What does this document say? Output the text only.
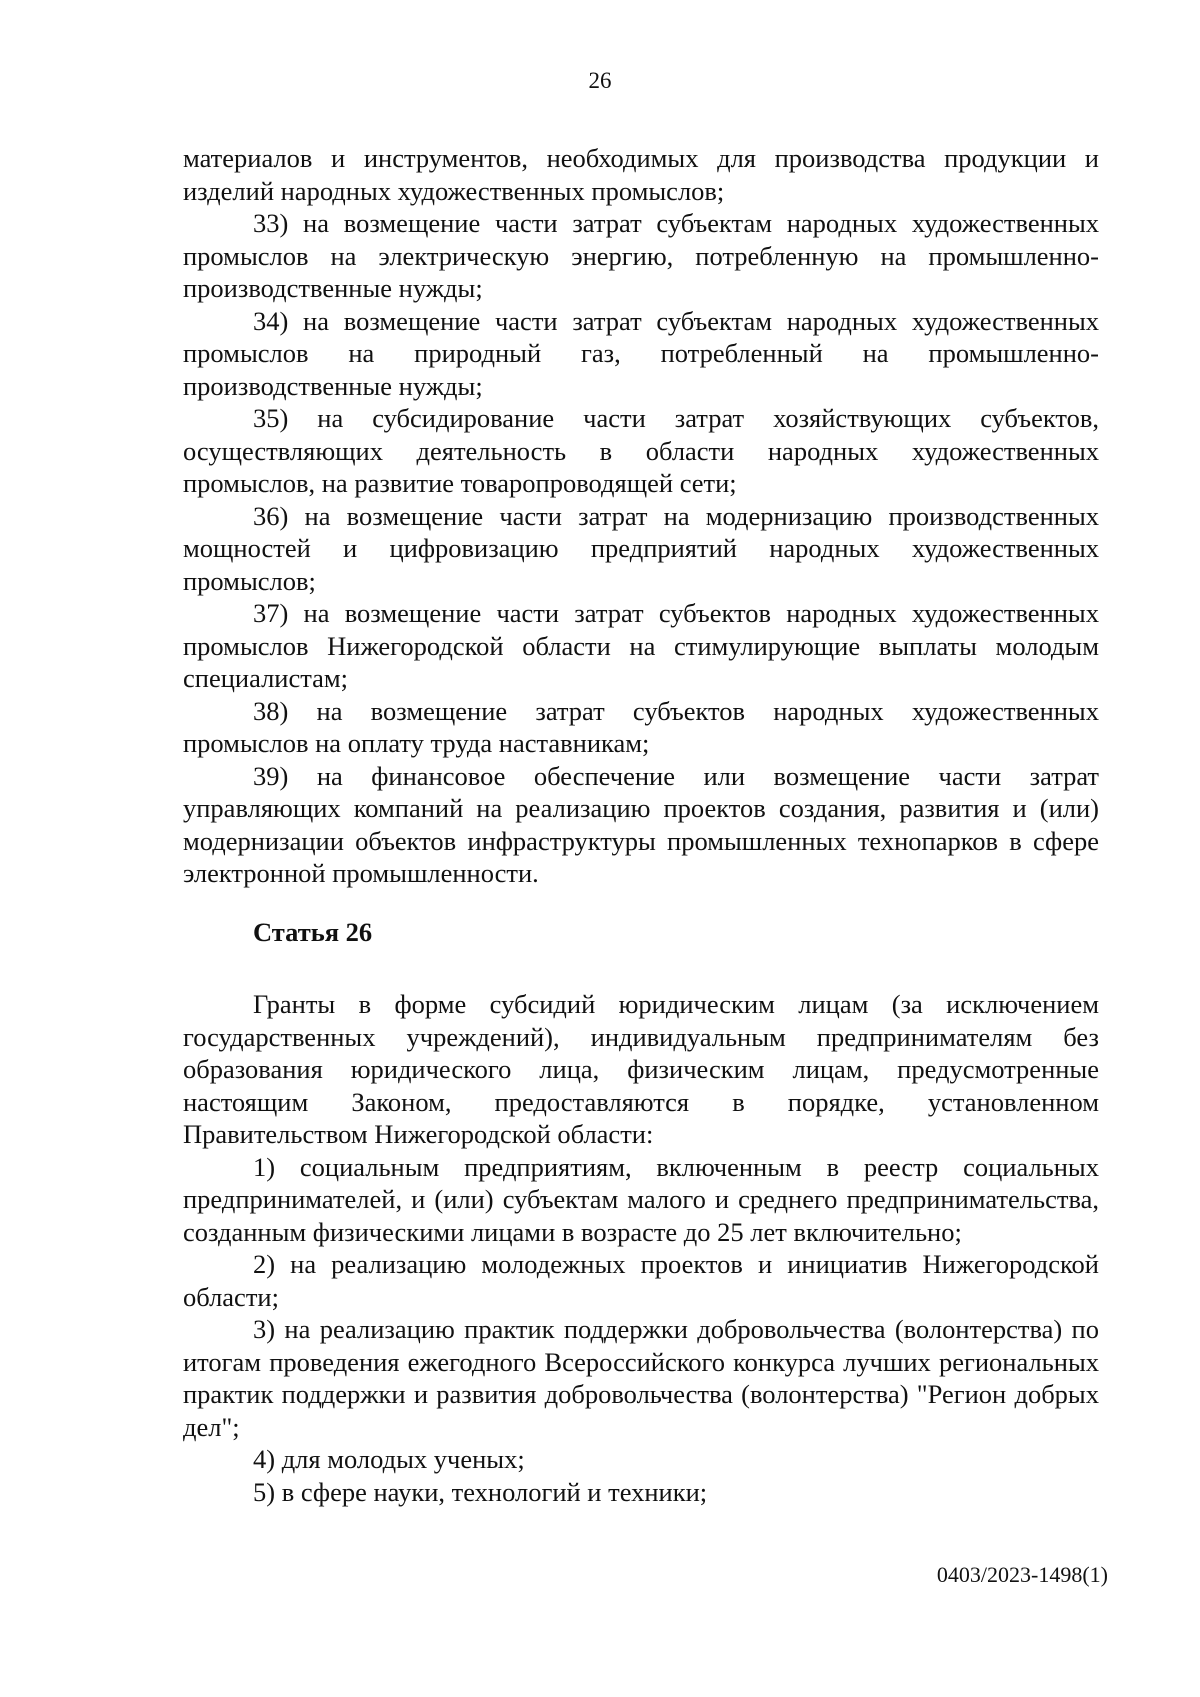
26

материалов и инструментов, необходимых для производства продукции и изделий народных художественных промыслов;

33) на возмещение части затрат субъектам народных художественных промыслов на электрическую энергию, потребленную на промышленно-производственные нужды;

34) на возмещение части затрат субъектам народных художественных промыслов на природный газ, потребленный на промышленно-производственные нужды;

35) на субсидирование части затрат хозяйствующих субъектов, осуществляющих деятельность в области народных художественных промыслов, на развитие товаропроводящей сети;

36) на возмещение части затрат на модернизацию производственных мощностей и цифровизацию предприятий народных художественных промыслов;

37) на возмещение части затрат субъектов народных художественных промыслов Нижегородской области на стимулирующие выплаты молодым специалистам;

38) на возмещение затрат субъектов народных художественных промыслов на оплату труда наставникам;

39) на финансовое обеспечение или возмещение части затрат управляющих компаний на реализацию проектов создания, развития и (или) модернизации объектов инфраструктуры промышленных технопарков в сфере электронной промышленности.

Статья 26

Гранты в форме субсидий юридическим лицам (за исключением государственных учреждений), индивидуальным предпринимателям без образования юридического лица, физическим лицам, предусмотренные настоящим Законом, предоставляются в порядке, установленном Правительством Нижегородской области:

1) социальным предприятиям, включенным в реестр социальных предпринимателей, и (или) субъектам малого и среднего предпринимательства, созданным физическими лицами в возрасте до 25 лет включительно;

2) на реализацию молодежных проектов и инициатив Нижегородской области;

3) на реализацию практик поддержки добровольчества (волонтерства) по итогам проведения ежегодного Всероссийского конкурса лучших региональных практик поддержки и развития добровольчества (волонтерства) "Регион добрых дел";

4) для молодых ученых;

5) в сфере науки, технологий и техники;

0403/2023-1498(1)
